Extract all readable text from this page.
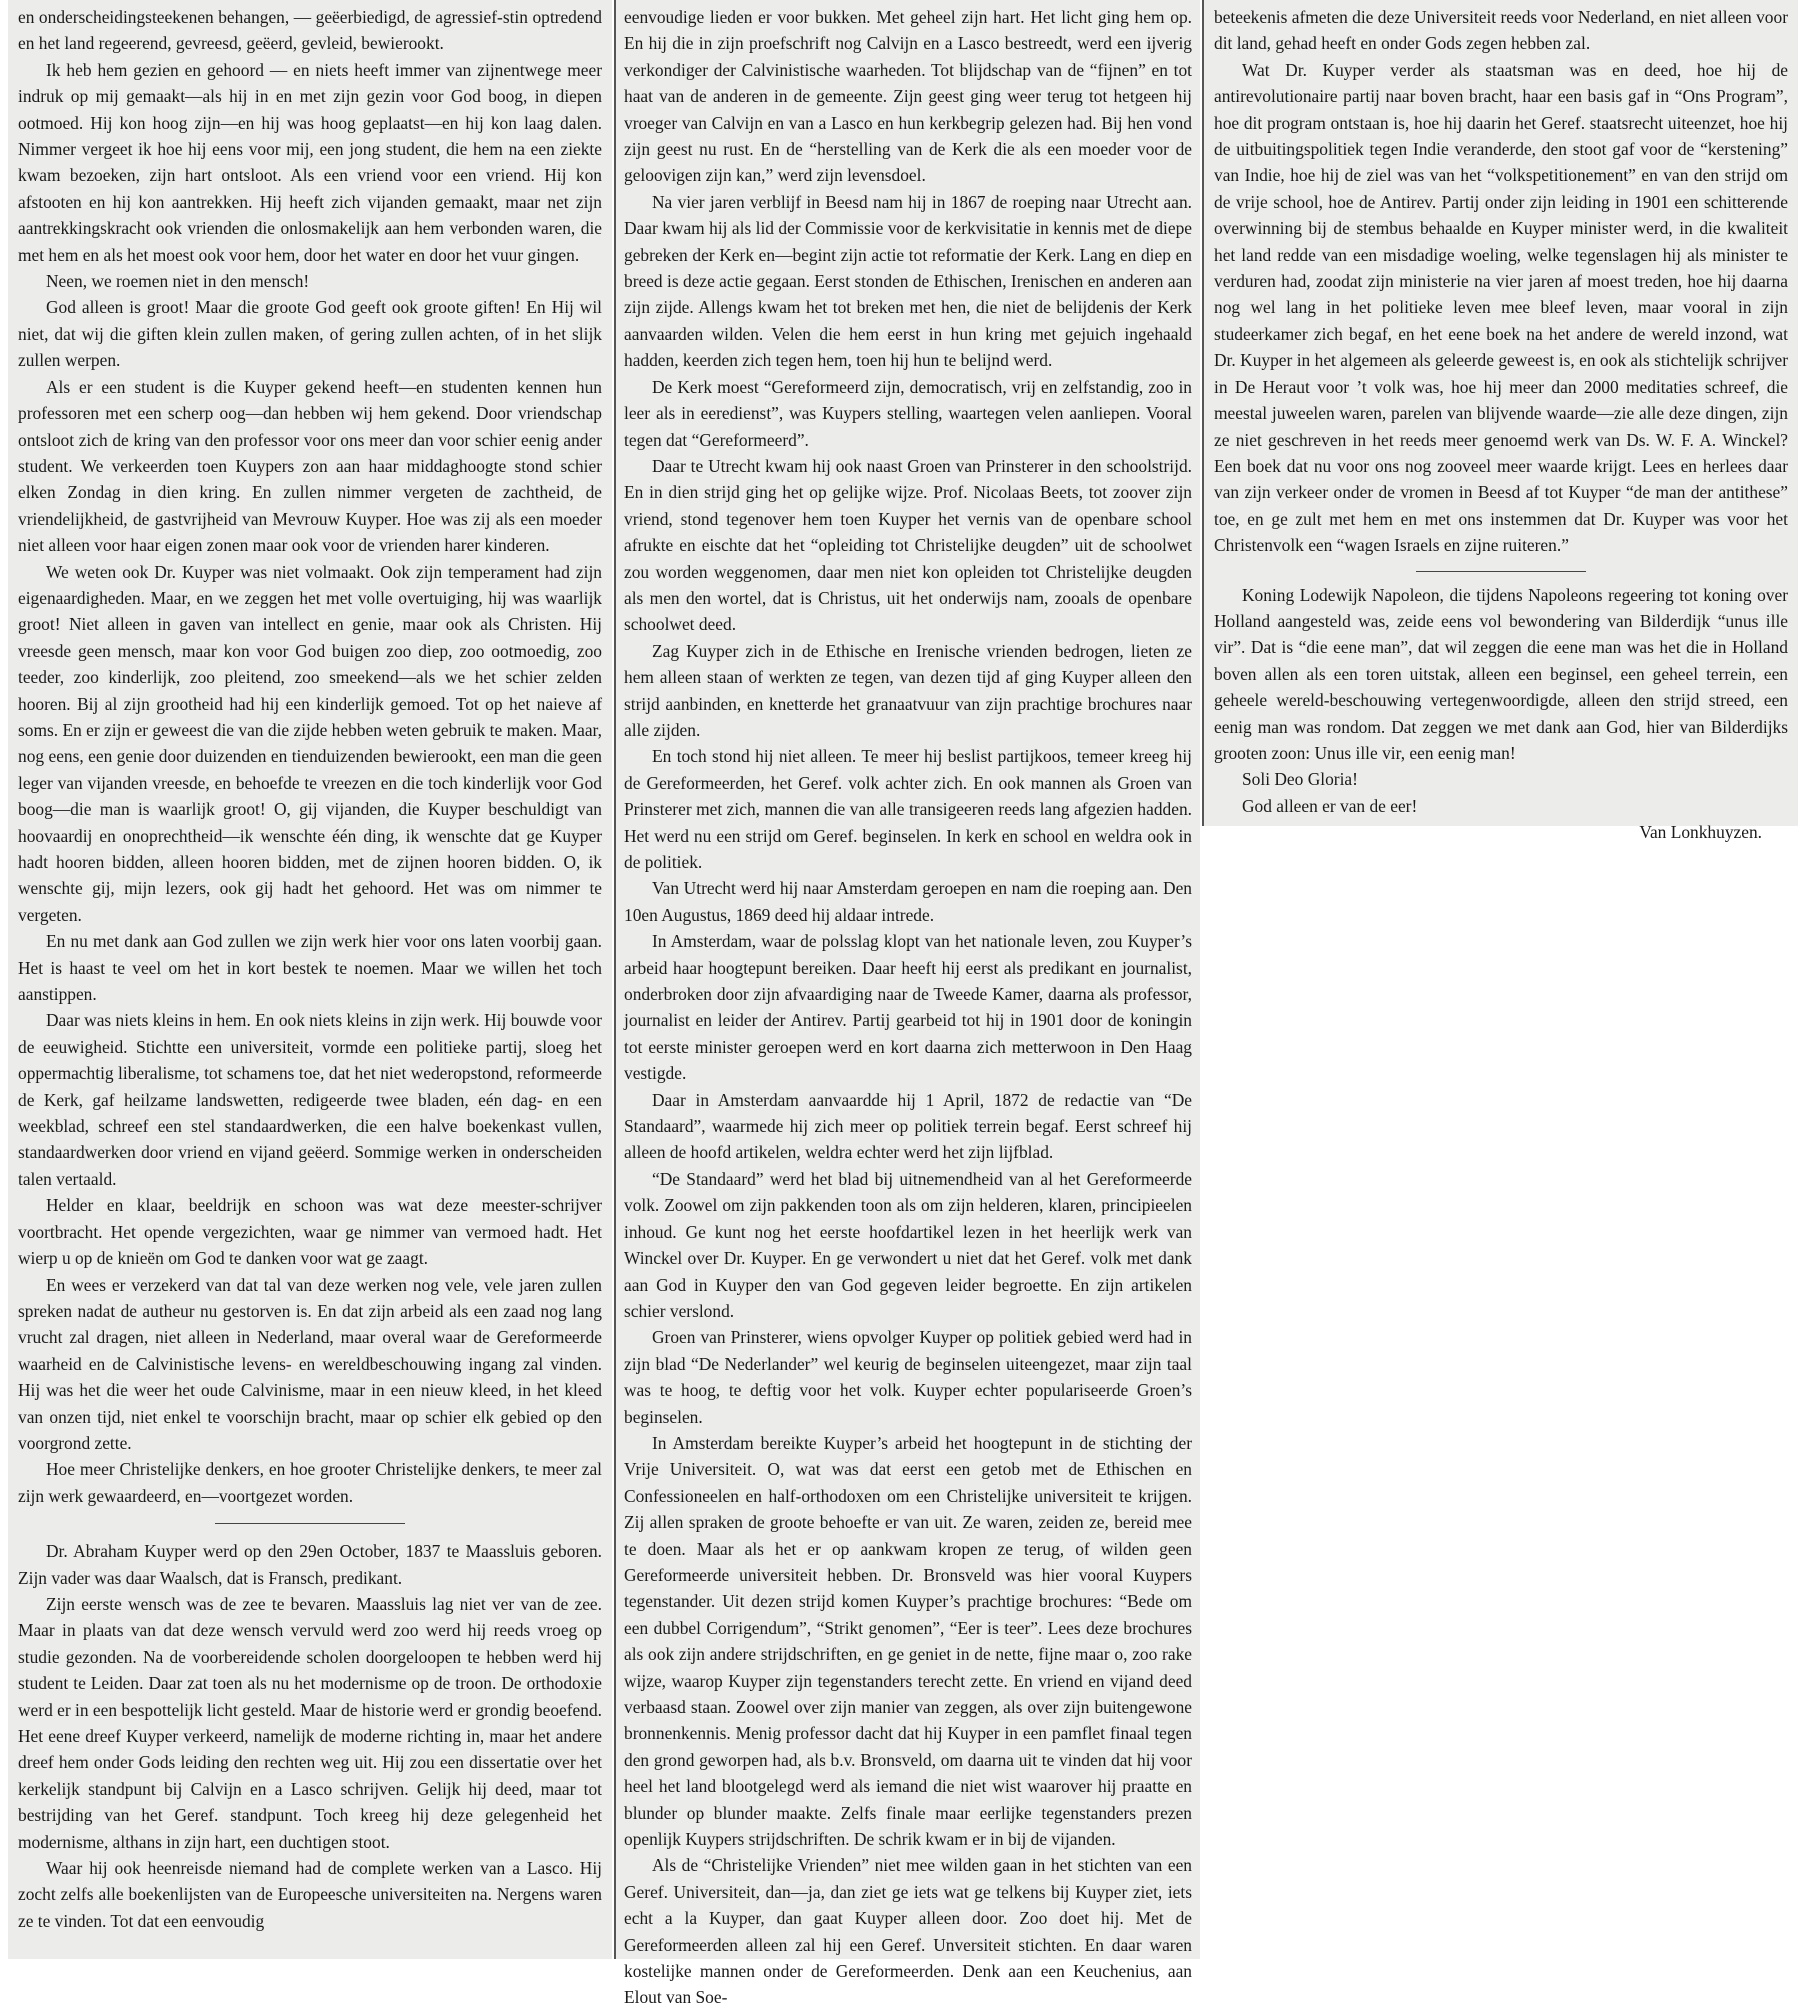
en onderscheidingsteekenen behangen, — geëerbiedigd, de agressief-stin optredend en het land regeerend, gevreesd, geëerd, gevleid, bewierookt.

Ik heb hem gezien en gehoord — en niets heeft immer van zijnentwege meer indruk op mij gemaakt—als hij in en met zijn gezin voor God boog, in diepen ootmoed. Hij kon hoog zijn—en hij was hoog geplaatst—en hij kon laag dalen. Nimmer vergeet ik hoe hij eens voor mij, een jong student, die hem na een ziekte kwam bezoeken, zijn hart ontsloot. Als een vriend voor een vriend. Hij kon afstooten en hij kon aantrekken. Hij heeft zich vijanden gemaakt, maar net zijn aantrekkingskracht ook vrienden die onlosmakelijk aan hem verbonden waren, die met hem en als het moest ook voor hem, door het water en door het vuur gingen.

Neen, we roemen niet in den mensch!

God alleen is groot! Maar die groote God geeft ook groote giften! En Hij wil niet, dat wij die giften klein zullen maken, of gering zullen achten, of in het slijk zullen werpen.

Als er een student is die Kuyper gekend heeft—en studenten kennen hun professoren met een scherp oog—dan hebben wij hem gekend. Door vriendschap ontsloot zich de kring van den professor voor ons meer dan voor schier eenig ander student. We verkeerden toen Kuypers zon aan haar middaghoogte stond schier elken Zondag in dien kring. En zullen nimmer vergeten de zachtheid, de vriendelijkheid, de gastvrijheid van Mevrouw Kuyper. Hoe was zij als een moeder niet alleen voor haar eigen zonen maar ook voor de vrienden harer kinderen.

We weten ook Dr. Kuyper was niet volmaakt. Ook zijn temperament had zijn eigenaardigheden. Maar, en we zeggen het met volle overtuiging, hij was waarlijk groot! Niet alleen in gaven van intellect en genie, maar ook als Christen. Hij vreesde geen mensch, maar kon voor God buigen zoo diep, zoo ootmoedig, zoo teeder, zoo kinderlijk, zoo pleitend, zoo smeekend—als we het schier zelden hooren. Bij al zijn grootheid had hij een kinderlijk gemoed. Tot op het naieve af soms. En er zijn er geweest die van die zijde hebben weten gebruik te maken. Maar, nog eens, een genie door duizenden en tienduizenden bewierookt, een man die geen leger van vijanden vreesde, en behoefde te vreezen en die toch kinderlijk voor God boog—die man is waarlijk groot! O, gij vijanden, die Kuyper beschuldigt van hoovaardij en onoprechtheid—ik wenschte één ding, ik wenschte dat ge Kuyper hadt hooren bidden, alleen hooren bidden, met de zijnen hooren bidden. O, ik wenschte gij, mijn lezers, ook gij hadt het gehoord. Het was om nimmer te vergeten.

En nu met dank aan God zullen we zijn werk hier voor ons laten voorbij gaan. Het is haast te veel om het in kort bestek te noemen. Maar we willen het toch aanstippen.

Daar was niets kleins in hem. En ook niets kleins in zijn werk. Hij bouwde voor de eeuwigheid. Stichtte een universiteit, vormde een politieke partij, sloeg het oppermachtig liberalisme, tot schamens toe, dat het niet wederopstond, reformeerde de Kerk, gaf heilzame landswetten, redigeerde twee bladen, eén dag- en een weekblad, schreef een stel standaardwerken, die een halve boekenkast vullen, standaardwerken door vriend en vijand geëerd. Sommige werken in onderscheiden talen vertaald.

Helder en klaar, beeldrijk en schoon was wat deze meester-schrijver voortbracht. Het opende vergezichten, waar ge nimmer van vermoed hadt. Het wierp u op de knieën om God te danken voor wat ge zaagt.

En wees er verzekerd van dat tal van deze werken nog vele, vele jaren zullen spreken nadat de autheur nu gestorven is. En dat zijn arbeid als een zaad nog lang vrucht zal dragen, niet alleen in Nederland, maar overal waar de Gereformeerde waarheid en de Calvinistische levens- en wereldbeschouwing ingang zal vinden. Hij was het die weer het oude Calvinisme, maar in een nieuw kleed, in het kleed van onzen tijd, niet enkel te voorschijn bracht, maar op schier elk gebied op den voorgrond zette.

Hoe meer Christelijke denkers, en hoe grooter Christelijke denkers, te meer zal zijn werk gewaardeerd, en—voortgezet worden.

Dr. Abraham Kuyper werd op den 29en October, 1837 te Maassluis geboren. Zijn vader was daar Waalsch, dat is Fransch, predikant.

Zijn eerste wensch was de zee te bevaren. Maassluis lag niet ver van de zee. Maar in plaats van dat deze wensch vervuld werd zoo werd hij reeds vroeg op studie gezonden. Na de voorbereidende scholen doorgeloopen te hebben werd hij student te Leiden. Daar zat toen als nu het modernisme op de troon. De orthodoxie werd er in een bespottelijk licht gesteld. Maar de historie werd er grondig beoefend. Het eene dreef Kuyper verkeerd, namelijk de moderne richting in, maar het andere dreef hem onder Gods leiding den rechten weg uit. Hij zou een dissertatie over het kerkelijk standpunt bij Calvijn en a Lasco schrijven. Gelijk hij deed, maar tot bestrijding van het Geref. standpunt. Toch kreeg hij deze gelegenheid het modernisme, althans in zijn hart, een duchtigen stoot.

Waar hij ook heenreisde niemand had de complete werken van a Lasco. Hij zocht zelfs alle boekenlijsten van de Europeesche universiteiten na. Nergens waren ze te vinden. Tot dat een eenvoudig

eenvoudige lieden er voor bukken. Met geheel zijn hart. Het licht ging hem op. En hij die in zijn proefschrift nog Calvijn en a Lasco bestreedt, werd een ijverig verkondiger der Calvinistische waarheden. Tot blijdschap van de “fijnen” en tot haat van de anderen in de gemeente. Zijn geest ging weer terug tot hetgeen hij vroeger van Calvijn en van a Lasco en hun kerkbegrip gelezen had. Bij hen vond zijn geest nu rust. En de “herstelling van de Kerk die als een moeder voor de geloovigen zijn kan,” werd zijn levensdoel.

Na vier jaren verblijf in Beesd nam hij in 1867 de roeping naar Utrecht aan. Daar kwam hij als lid der Commissie voor de kerkvisitatie in kennis met de diepe gebreken der Kerk en—begint zijn actie tot reformatie der Kerk. Lang en diep en breed is deze actie gegaan. Eerst stonden de Ethischen, Irenischen en anderen aan zijn zijde. Allengs kwam het tot breken met hen, die niet de belijdenis der Kerk aanvaarden wilden. Velen die hem eerst in hun kring met gejuich ingehaald hadden, keerden zich tegen hem, toen hij hun te belijnd werd.

De Kerk moest “Gereformeerd zijn, democratisch, vrij en zelfstandig, zoo in leer als in eeredienst”, was Kuypers stelling, waartegen velen aanliepen. Vooral tegen dat “Gereformeerd”.

Daar te Utrecht kwam hij ook naast Groen van Prinsterer in den schoolstrijd. En in dien strijd ging het op gelijke wijze. Prof. Nicolaas Beets, tot zoover zijn vriend, stond tegenover hem toen Kuyper het vernis van de openbare school afrukte en eischte dat het “opleiding tot Christelijke deugden” uit de schoolwet zou worden weggenomen, daar men niet kon opleiden tot Christelijke deugden als men den wortel, dat is Christus, uit het onderwijs nam, zooals de openbare schoolwet deed.

Zag Kuyper zich in de Ethische en Irenische vrienden bedrogen, lieten ze hem alleen staan of werkten ze tegen, van dezen tijd af ging Kuyper alleen den strijd aanbinden, en knetterde het granaatvuur van zijn prachtige brochures naar alle zijden.

En toch stond hij niet alleen. Te meer hij beslist partijkoos, temeer kreeg hij de Gereformeerden, het Geref. volk achter zich. En ook mannen als Groen van Prinsterer met zich, mannen die van alle transigeeren reeds lang afgezien hadden. Het werd nu een strijd om Geref. beginselen. In kerk en school en weldra ook in de politiek.

Van Utrecht werd hij naar Amsterdam geroepen en nam die roeping aan. Den 10en Augustus, 1869 deed hij aldaar intrede.

In Amsterdam, waar de polsslag klopt van het nationale leven, zou Kuyper’s arbeid haar hoogtepunt bereiken. Daar heeft hij eerst als predikant en journalist, onderbroken door zijn afvaardiging naar de Tweede Kamer, daarna als professor, journalist en leider der Antirev. Partij gearbeid tot hij in 1901 door de koningin tot eerste minister geroepen werd en kort daarna zich metterwoon in Den Haag vestigde.

Daar in Amsterdam aanvaardde hij 1 April, 1872 de redactie van “De Standaard”, waarmede hij zich meer op politiek terrein begaf. Eerst schreef hij alleen de hoofd artikelen, weldra echter werd het zijn lijfblad.

“De Standaard” werd het blad bij uitnemendheid van al het Gereformeerde volk. Zoowel om zijn pakkenden toon als om zijn helderen, klaren, principieelen inhoud. Ge kunt nog het eerste hoofdartikel lezen in het heerlijk werk van Winckel over Dr. Kuyper. En ge verwondert u niet dat het Geref. volk met dank aan God in Kuyper den van God gegeven leider begroette. En zijn artikelen schier verslond.

Groen van Prinsterer, wiens opvolger Kuyper op politiek gebied werd had in zijn blad “De Nederlander” wel keurig de beginselen uiteengezet, maar zijn taal was te hoog, te deftig voor het volk. Kuyper echter populariseerde Groen’s beginselen.

In Amsterdam bereikte Kuyper’s arbeid het hoogtepunt in de stichting der Vrije Universiteit. O, wat was dat eerst een getob met de Ethischen en Confessioneelen en half-orthodoxen om een Christelijke universiteit te krijgen. Zij allen spraken de groote behoefte er van uit. Ze waren, zeiden ze, bereid mee te doen. Maar als het er op aankwam kropen ze terug, of wilden geen Gereformeerde universiteit hebben. Dr. Bronsveld was hier vooral Kuypers tegenstander. Uit dezen strijd komen Kuyper’s prachtige brochures: “Bede om een dubbel Corrigendum”, “Strikt genomen”, “Eer is teer”. Lees deze brochures als ook zijn andere strijdschriften, en ge geniet in de nette, fijne maar o, zoo rake wijze, waarop Kuyper zijn tegenstanders terecht zette. En vriend en vijand deed verbaasd staan. Zoowel over zijn manier van zeggen, als over zijn buitengewone bronnenkennis. Menig professor dacht dat hij Kuyper in een pamflet finaal tegen den grond geworpen had, als b.v. Bronsveld, om daarna uit te vinden dat hij voor heel het land blootgelegd werd als iemand die niet wist waarover hij praatte en blunder op blunder maakte. Zelfs finale maar eerlijke tegenstanders prezen openlijk Kuypers strijdschriften. De schrik kwam er in bij de vijanden.

Als de “Christelijke Vrienden” niet mee wilden gaan in het stichten van een Geref. Universiteit, dan—ja, dan ziet ge iets wat ge telkens bij Kuyper ziet, iets echt a la Kuyper, dan gaat Kuyper alleen door. Zoo doet hij. Met de Gereformeerden alleen zal hij een Geref. Unversiteit stichten. En daar waren kostelijke mannen onder de Gereformeerden. Denk aan een Keuchenius, aan Elout van Soe-

beteekenis afmeten die deze Universiteit reeds voor Nederland, en niet alleen voor dit land, gehad heeft en onder Gods zegen hebben zal.

Wat Dr. Kuyper verder als staatsman was en deed, hoe hij de antirevolutionaire partij naar boven bracht, haar een basis gaf in “Ons Program”, hoe dit program ontstaan is, hoe hij daarin het Geref. staatsrecht uiteenzet, hoe hij de uitbuitingspolitiek tegen Indie veranderde, den stoot gaf voor de “kerstening” van Indie, hoe hij de ziel was van het “volkspetitionement” en van den strijd om de vrije school, hoe de Antirev. Partij onder zijn leiding in 1901 een schitterende overwinning bij de stembus behaalde en Kuyper minister werd, in die kwaliteit het land redde van een misdadige woeling, welke tegenslagen hij als minister te verduren had, zoodat zijn ministerie na vier jaren af moest treden, hoe hij daarna nog wel lang in het politieke leven mee bleef leven, maar vooral in zijn studeerkamer zich begaf, en het eene boek na het andere de wereld inzond, wat Dr. Kuyper in het algemeen als geleerde geweest is, en ook als stichtelijk schrijver in De Heraut voor ’t volk was, hoe hij meer dan 2000 meditaties schreef, die meestal juweelen waren, parelen van blijvende waarde—zie alle deze dingen, zijn ze niet geschreven in het reeds meer genoemd werk van Ds. W. F. A. Winckel? Een boek dat nu voor ons nog zooveel meer waarde krijgt. Lees en herlees daar van zijn verkeer onder de vromen in Beesd af tot Kuyper “de man der antithese” toe, en ge zult met hem en met ons instemmen dat Dr. Kuyper was voor het Christenvolk een “wagen Israels en zijne ruiteren.”

Koning Lodewijk Napoleon, die tijdens Napoleons regeering tot koning over Holland aangesteld was, zeide eens vol bewondering van Bilderdijk “unus ille vir”. Dat is “die eene man”, dat wil zeggen die eene man was het die in Holland boven allen als een toren uitstak, alleen een beginsel, een geheel terrein, een geheele wereld-beschouwing vertegenwoordigde, alleen den strijd streed, een eenig man was rondom. Dat zeggen we met dank aan God, hier van Bilderdijks grooten zoon: Unus ille vir, een eenig man!

Soli Deo Gloria!

God alleen er van de eer!

Van Lonkhuyzen.
